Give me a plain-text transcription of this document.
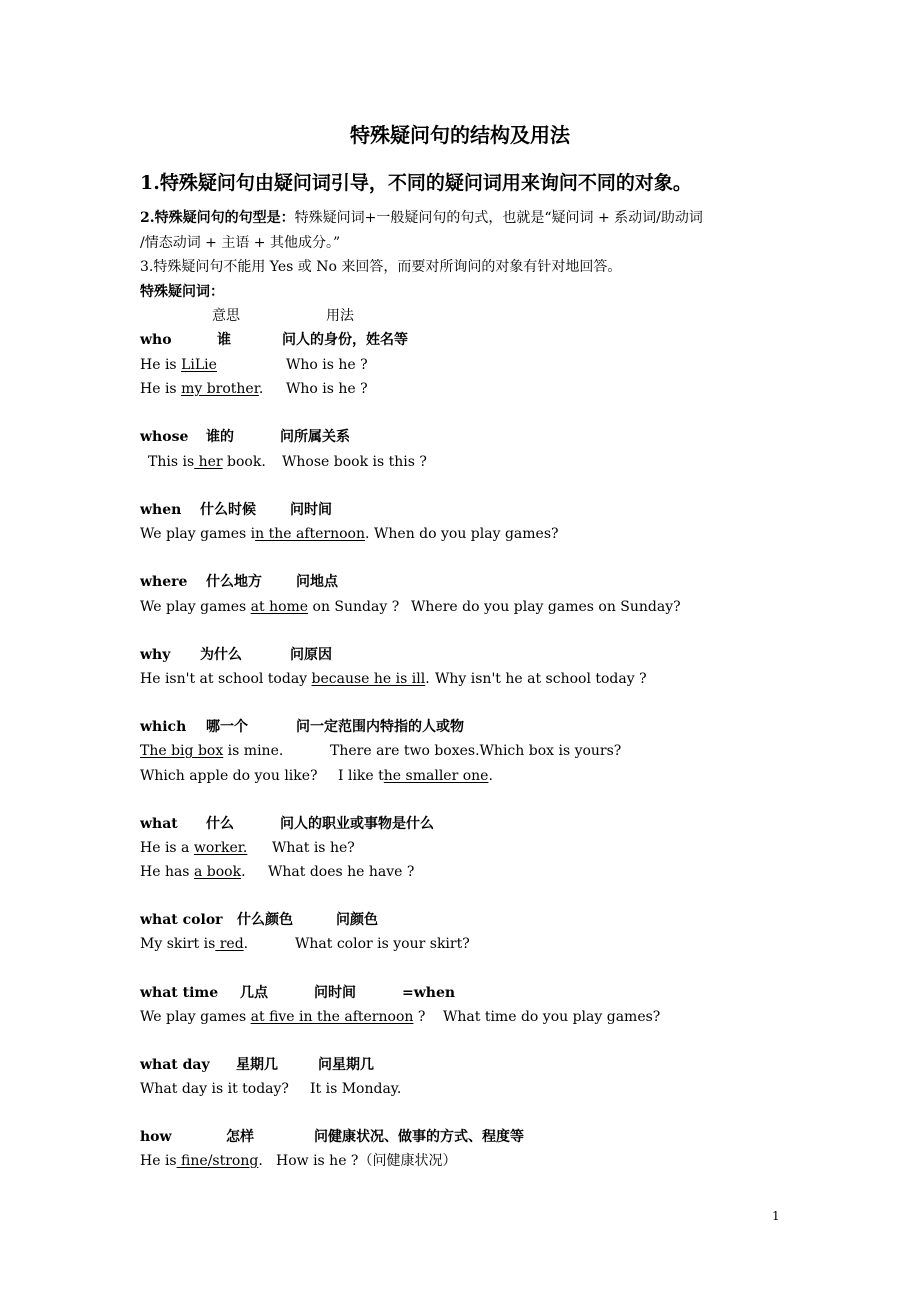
特殊疑问句的结构及用法
1.特殊疑问句由疑问词引导，不同的疑问词用来询问不同的对象。
2.特殊疑问句的句型是：特殊疑问词+一般疑问句的句式，也就是“疑问词 + 系动词/助动词
/情态动词 + 主语 + 其他成分。”
3.特殊疑问句不能用 Yes 或 No 来回答，而要对所询问的对象有针对地回答。
特殊疑问词：
意思	用法
who	谁	问人的身份，姓名等
He is LiLie	Who is he ?
He is my brother. Who is he ?
whose 谁的	问所属关系
This is her book. Whose book is this ?
when 什么时候 问时间
We play games in the afternoon. When do you play games?
where 什么地方 问地点
We play games at home on Sunday ? Where do you play games on Sunday?
why 为什么	问原因
He isn't at school today because he is ill. Why isn't he at school today ?
which 哪一个	问一定范围内特指的人或物
The big box is mine.	There are two boxes.Which box is yours?
Which apple do you like? I like the smaller one.
what 什么	问人的职业或事物是什么
He is a worker. What is he?
He has a book. What does he have ?
what color 什么颜色	问颜色
My skirt is red.	What color is your skirt?
what time 几点	问时间	=when
We play games at five in the afternoon ? What time do you play games?
what day 星期几	问星期几
What day is it today? It is Monday.
how	怎样	问健康状况、做事的方式、程度等
He is fine/strong. How is he ?（问健康状况）
1
